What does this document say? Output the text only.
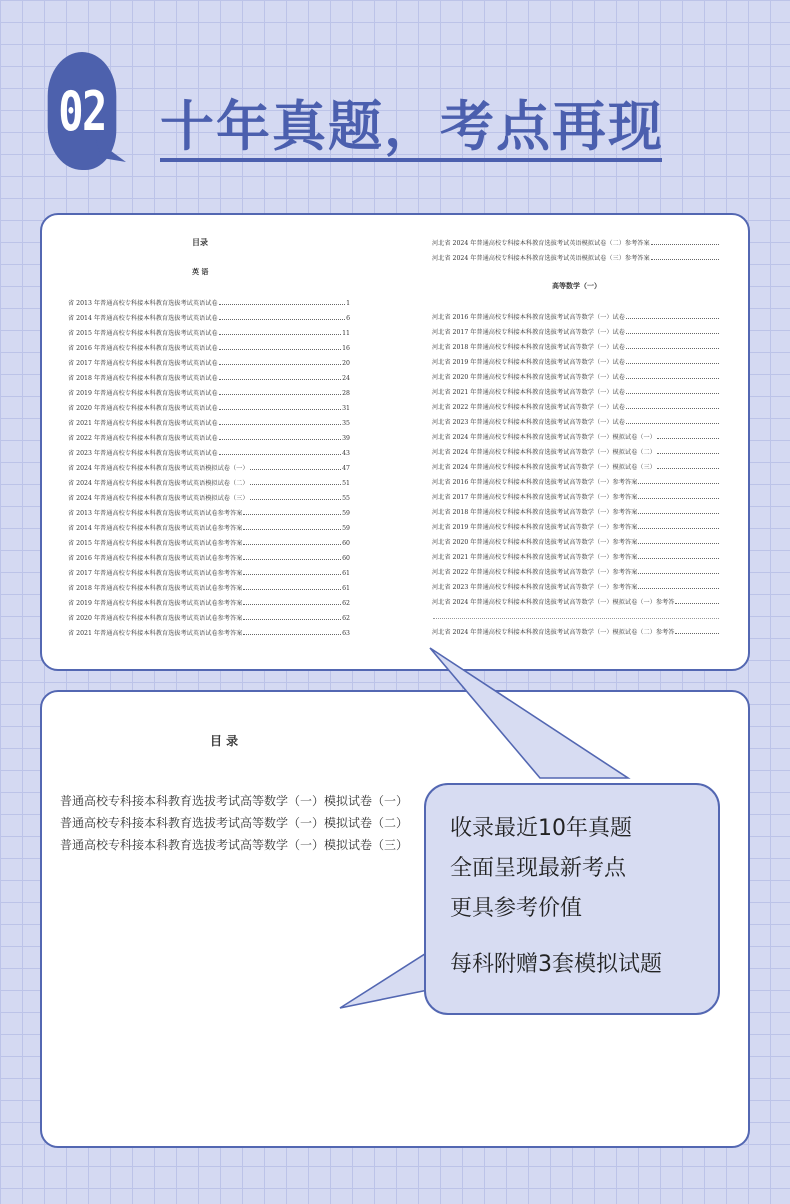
02 十年真题，考点再现
目录
英 语
省 2013 年普通高校专科接本科教育选拔考试英语试卷	1
省 2014 年普通高校专科接本科教育选拔考试英语试卷	6
省 2015 年普通高校专科接本科教育选拔考试英语试卷	11
省 2016 年普通高校专科接本科教育选拔考试英语试卷	16
省 2017 年普通高校专科接本科教育选拔考试英语试卷	20
省 2018 年普通高校专科接本科教育选拔考试英语试卷	24
省 2019 年普通高校专科接本科教育选拔考试英语试卷	28
省 2020 年普通高校专科接本科教育选拔考试英语试卷	31
省 2021 年普通高校专科接本科教育选拔考试英语试卷	35
省 2022 年普通高校专科接本科教育选拔考试英语试卷	39
省 2023 年普通高校专科接本科教育选拔考试英语试卷	43
省 2024 年普通高校专科接本科教育选拔考试英语模拟试卷（一）	47
省 2024 年普通高校专科接本科教育选拔考试英语模拟试卷（二）	51
省 2024 年普通高校专科接本科教育选拔考试英语模拟试卷（三）	55
省 2013 年普通高校专科接本科教育选拔考试英语试卷参考答案	59
省 2014 年普通高校专科接本科教育选拔考试英语试卷参考答案	59
省 2015 年普通高校专科接本科教育选拔考试英语试卷参考答案	60
省 2016 年普通高校专科接本科教育选拔考试英语试卷参考答案	60
省 2017 年普通高校专科接本科教育选拔考试英语试卷参考答案	61
省 2018 年普通高校专科接本科教育选拔考试英语试卷参考答案	61
省 2019 年普通高校专科接本科教育选拔考试英语试卷参考答案	62
省 2020 年普通高校专科接本科教育选拔考试英语试卷参考答案	62
省 2021 年普通高校专科接本科教育选拔考试英语试卷参考答案	63
河北省 2024 年普通高校专科接本科教育选拔考试英语模拟试卷（二）参考答案
河北省 2024 年普通高校专科接本科教育选拔考试英语模拟试卷（三）参考答案
高等数学（一）
河北省 2016 年普通高校专科接本科教育选拔考试高等数学（一）试卷
河北省 2017 年普通高校专科接本科教育选拔考试高等数学（一）试卷
河北省 2018 年普通高校专科接本科教育选拔考试高等数学（一）试卷
河北省 2019 年普通高校专科接本科教育选拔考试高等数学（一）试卷
河北省 2020 年普通高校专科接本科教育选拔考试高等数学（一）试卷
河北省 2021 年普通高校专科接本科教育选拔考试高等数学（一）试卷
河北省 2022 年普通高校专科接本科教育选拔考试高等数学（一）试卷
河北省 2023 年普通高校专科接本科教育选拔考试高等数学（一）试卷
河北省 2024 年普通高校专科接本科教育选拔考试高等数学（一）模拟试卷（一）
河北省 2024 年普通高校专科接本科教育选拔考试高等数学（一）模拟试卷（二）
河北省 2024 年普通高校专科接本科教育选拔考试高等数学（一）模拟试卷（三）
河北省 2016 年普通高校专科接本科教育选拔考试高等数学（一）参考答案
河北省 2017 年普通高校专科接本科教育选拔考试高等数学（一）参考答案
河北省 2018 年普通高校专科接本科教育选拔考试高等数学（一）参考答案
河北省 2019 年普通高校专科接本科教育选拔考试高等数学（一）参考答案
河北省 2020 年普通高校专科接本科教育选拔考试高等数学（一）参考答案
河北省 2021 年普通高校专科接本科教育选拔考试高等数学（一）参考答案
河北省 2022 年普通高校专科接本科教育选拔考试高等数学（一）参考答案
河北省 2023 年普通高校专科接本科教育选拔考试高等数学（一）参考答案
河北省 2024 年普通高校专科接本科教育选拔考试高等数学（一）模拟试卷（一）参考答
河北省 2024 年普通高校专科接本科教育选拔考试高等数学（一）模拟试卷（二）参考答
目 录
普通高校专科接本科教育选拔考试高等数学（一）模拟试卷（一）
普通高校专科接本科教育选拔考试高等数学（一）模拟试卷（二）
普通高校专科接本科教育选拔考试高等数学（一）模拟试卷（三）
收录最近10年真题
全面呈现最新考点
更具参考价值
每科附赠3套模拟试题
